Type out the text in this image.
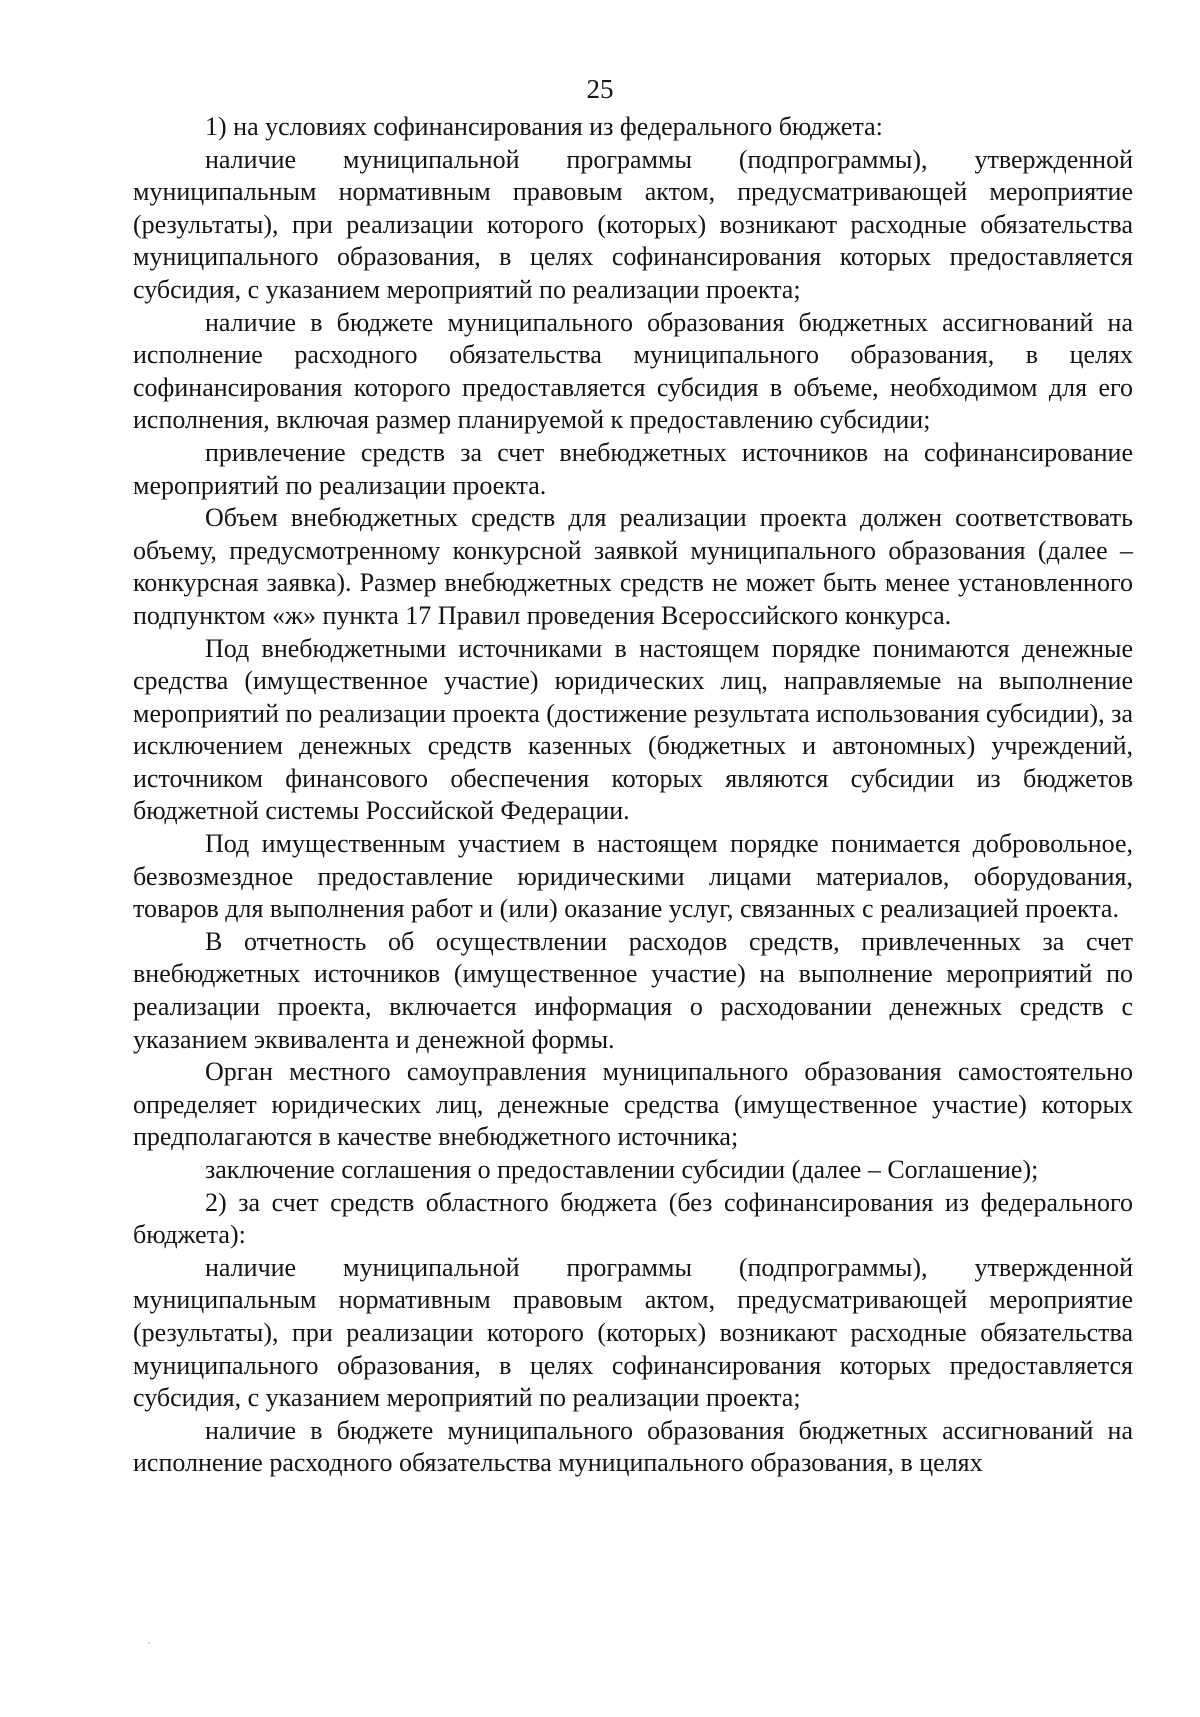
25

1) на условиях софинансирования из федерального бюджета:

наличие муниципальной программы (подпрограммы), утвержденной муниципальным нормативным правовым актом, предусматривающей мероприятие (результаты), при реализации которого (которых) возникают расходные обязательства муниципального образования, в целях софинансирования которых предоставляется субсидия, с указанием мероприятий по реализации проекта;

наличие в бюджете муниципального образования бюджетных ассигнований на исполнение расходного обязательства муниципального образования, в целях софинансирования которого предоставляется субсидия в объеме, необходимом для его исполнения, включая размер планируемой к предоставлению субсидии;

привлечение средств за счет внебюджетных источников на софинансирование мероприятий по реализации проекта.

Объем внебюджетных средств для реализации проекта должен соответствовать объему, предусмотренному конкурсной заявкой муниципального образования (далее – конкурсная заявка). Размер внебюджетных средств не может быть менее установленного подпунктом «ж» пункта 17 Правил проведения Всероссийского конкурса.

Под внебюджетными источниками в настоящем порядке понимаются денежные средства (имущественное участие) юридических лиц, направляемые на выполнение мероприятий по реализации проекта (достижение результата использования субсидии), за исключением денежных средств казенных (бюджетных и автономных) учреждений, источником финансового обеспечения которых являются субсидии из бюджетов бюджетной системы Российской Федерации.

Под имущественным участием в настоящем порядке понимается добровольное, безвозмездное предоставление юридическими лицами материалов, оборудования, товаров для выполнения работ и (или) оказание услуг, связанных с реализацией проекта.

В отчетность об осуществлении расходов средств, привлеченных за счет внебюджетных источников (имущественное участие) на выполнение мероприятий по реализации проекта, включается информация о расходовании денежных средств с указанием эквивалента и денежной формы.

Орган местного самоуправления муниципального образования самостоятельно определяет юридических лиц, денежные средства (имущественное участие) которых предполагаются в качестве внебюджетного источника;

заключение соглашения о предоставлении субсидии (далее – Соглашение);

2) за счет средств областного бюджета (без софинансирования из федерального бюджета):

наличие муниципальной программы (подпрограммы), утвержденной муниципальным нормативным правовым актом, предусматривающей мероприятие (результаты), при реализации которого (которых) возникают расходные обязательства муниципального образования, в целях софинансирования которых предоставляется субсидия, с указанием мероприятий по реализации проекта;

наличие в бюджете муниципального образования бюджетных ассигнований на исполнение расходного обязательства муниципального образования, в целях
